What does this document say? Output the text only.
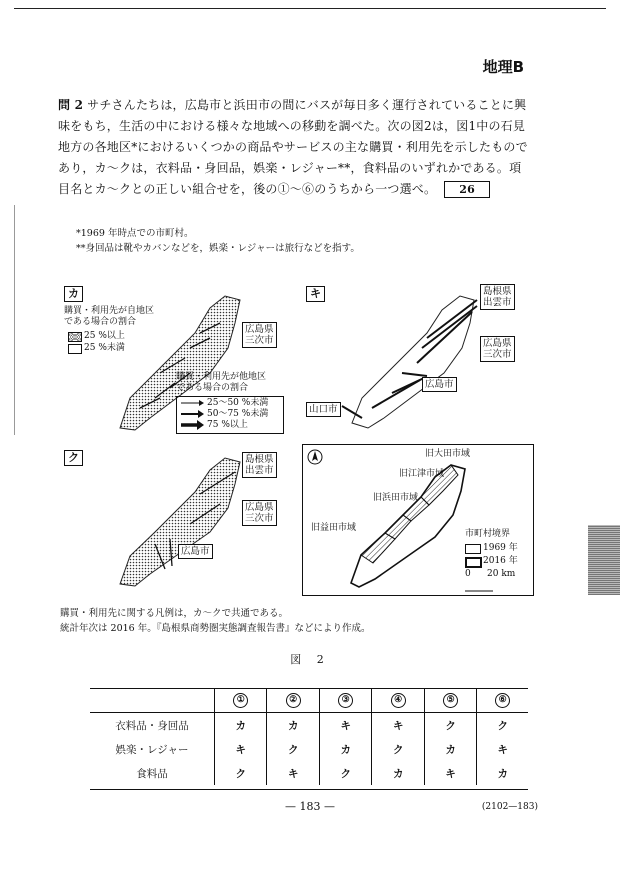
地理B
問 2 サチさんたちは，広島市と浜田市の間にバスが毎日多く運行されていることに興味をもち，生活の中における様々な地域への移動を調べた。次の図2は，図1中の石見地方の各地区*におけるいくつかの商品やサービスの主な購買・利用先を示したものであり，カ～クは，衣料品・身回品，娯楽・レジャー**，食料品のいずれかである。項目名とカ～クとの正しい組合せを，後の①～⑥のうちから一つ選べ。 26
*1969 年時点での市町村。
**身回品は靴やカバンなどを，娯楽・レジャーは旅行などを指す。
カ
購買・利用先が自地区
である場合の割合
25 %以上
25 %未満
広島県
三次市
購買・利用先が他地区
である場合の割合
25～50 %未満
50～75 %未満
75 %以上
キ	島根県
出雲市
広島県
三次市
広島市
山口市
ク	島根県
出雲市
広島県
三次市
広島市
旧大田市域
旧江津市域
旧浜田市域
旧益田市域
市町村境界
1969 年
2016 年
0 20 km
購買・利用先に関する凡例は，カ～クで共通である。
統計年次は 2016 年。『島根県商勢圏実態調査報告書』などにより作成。
図 2
	①	②	③	④	⑤	⑥
衣料品・身回品	カ	カ	キ	キ	ク	ク
娯楽・レジャー	キ	ク	カ	ク	カ	キ
食料品	ク	キ	ク	カ	キ	カ
— 183 —	(2102—183)
